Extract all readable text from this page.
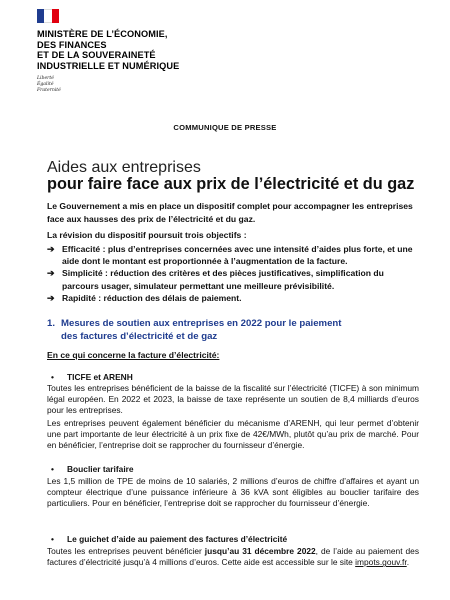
MINISTÈRE DE L’ÉCONOMIE,
DES FINANCES
ET DE LA SOUVERAINETÉ
INDUSTRIELLE ET NUMÉRIQUE
Liberté
Égalité
Fraternité
COMMUNIQUE DE PRESSE
Aides aux entreprises
pour faire face aux prix de l’électricité et du gaz
Le Gouvernement a mis en place un dispositif complet pour accompagner les entreprises face aux hausses des prix de l’électricité et du gaz.
La révision du dispositif poursuit trois objectifs :
➔ Efficacité : plus d’entreprises concernées avec une intensité d’aides plus forte, et une aide dont le montant est proportionnée à l’augmentation de la facture.
➔ Simplicité : réduction des critères et des pièces justificatives, simplification du parcours usager, simulateur permettant une meilleure prévisibilité.
➔ Rapidité : réduction des délais de paiement.
1. Mesures de soutien aux entreprises en 2022 pour le paiement
des factures d’électricité et de gaz
En ce qui concerne la facture d’électricité:
• TICFE et ARENH
Toutes les entreprises bénéficient de la baisse de la fiscalité sur l’électricité (TICFE) à son minimum légal européen. En 2022 et 2023, la baisse de taxe représente un soutien de 8,4 milliards d’euros pour les entreprises.
Les entreprises peuvent également bénéficier du mécanisme d’ARENH, qui leur permet d’obtenir une part importante de leur électricité à un prix fixe de 42€/MWh, plutôt qu’au prix de marché. Pour en bénéficier, l’entreprise doit se rapprocher du fournisseur d’énergie.
• Bouclier tarifaire
Les 1,5 million de TPE de moins de 10 salariés, 2 millions d’euros de chiffre d’affaires et ayant un compteur électrique d’une puissance inférieure à 36 kVA sont éligibles au bouclier tarifaire des particuliers. Pour en bénéficier, l’entreprise doit se rapprocher du fournisseur d’énergie.
• Le guichet d’aide au paiement des factures d’électricité
Toutes les entreprises peuvent bénéficier jusqu’au 31 décembre 2022, de l’aide au paiement des factures d’électricité jusqu’à 4 millions d’euros. Cette aide est accessible sur le site impots.gouv.fr.
